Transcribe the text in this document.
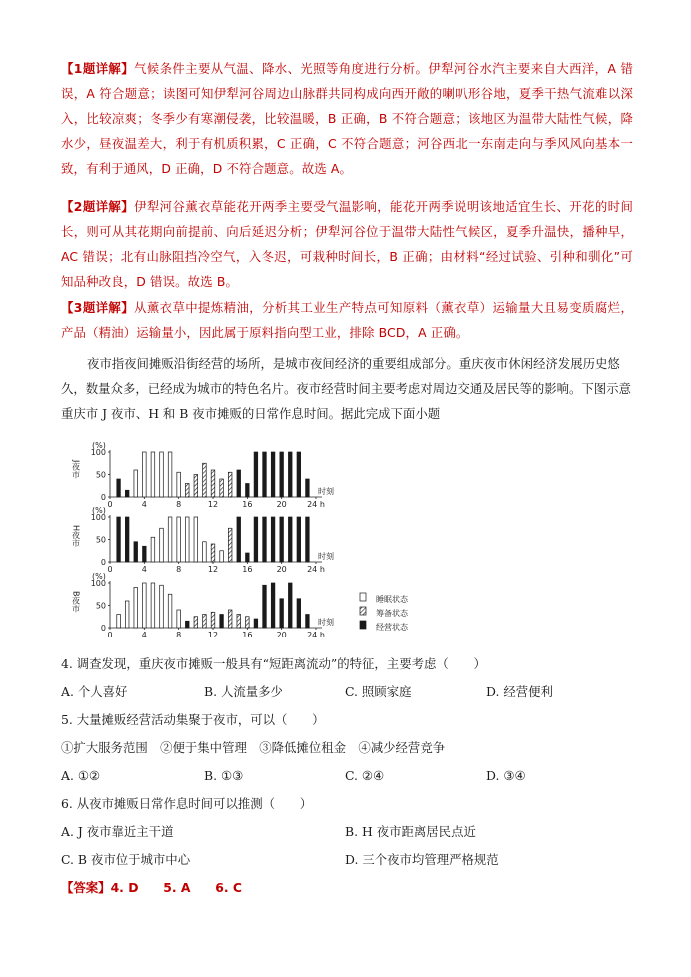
【1题详解】气候条件主要从气温、降水、光照等角度进行分析。伊犁河谷水汽主要来自大西洋，A 错误，A 符合题意；读图可知伊犁河谷周边山脉群共同构成向西开敞的喇叭形谷地，夏季干热气流难以深入，比较凉爽；冬季少有寒潮侵袭，比较温暖，B 正确，B 不符合题意；该地区为温带大陆性气候，降水少，昼夜温差大，利于有机质积累，C 正确，C 不符合题意；河谷西北一东南走向与季风风向基本一致，有利于通风，D 正确，D 不符合题意。故选 A。
【2题详解】伊犁河谷薰衣草能花开两季主要受气温影响，能花开两季说明该地适宜生长、开花的时间长，则可从其花期向前提前、向后延迟分析；伊犁河谷位于温带大陆性气候区，夏季升温快，播种早，AC 错误；北有山脉阻挡冷空气，入冬迟，可栽种时间长，B 正确；由材料“经过试验、引种和驯化”可知品种改良，D 错误。故选 B。
【3题详解】从薰衣草中提炼精油，分析其工业生产特点可知原料（薰衣草）运输量大且易变质腐烂，产品（精油）运输量小，因此属于原料指向型工业，排除 BCD，A 正确。
夜市指夜间摊贩沿街经营的场所，是城市夜间经济的重要组成部分。重庆夜市休闲经济发展历史悠久，数量众多，已经成为城市的特色名片。夜市经营时间主要考虑对周边交通及居民等的影响。下图示意重庆市 J 夜市、H 和 B 夜市摊贩的日常作息时间。据此完成下面小题
J夜市
(%)
0
50
100
0	4	8	12	16	20	24 h
时刻
H夜市
(%)
0
50
100
0	4	8	12	16	20	24 h
时刻
B夜市
(%)
0
50
100
0	4	8	12	16	20	24 h
时刻
4. 调查发现，重庆夜市摊贩一般具有“短距离流动”的特征，主要考虑（　　）
A. 个人喜好	B. 人流量多少	C. 照顾家庭	D. 经营便利
5. 大量摊贩经营活动集聚于夜市，可以（　　）
①扩大服务范围　②便于集中管理　③降低摊位租金　④减少经营竞争
A. ①②	B. ①③	C. ②④	D. ③④
6. 从夜市摊贩日常作息时间可以推测（　　）
A. J 夜市靠近主干道	B. H 夜市距离居民点近
C. B 夜市位于城市中心	D. 三个夜市均管理严格规范
【答案】4. D　　5. A　　6. C
睡眠状态
筹备状态
经营状态
